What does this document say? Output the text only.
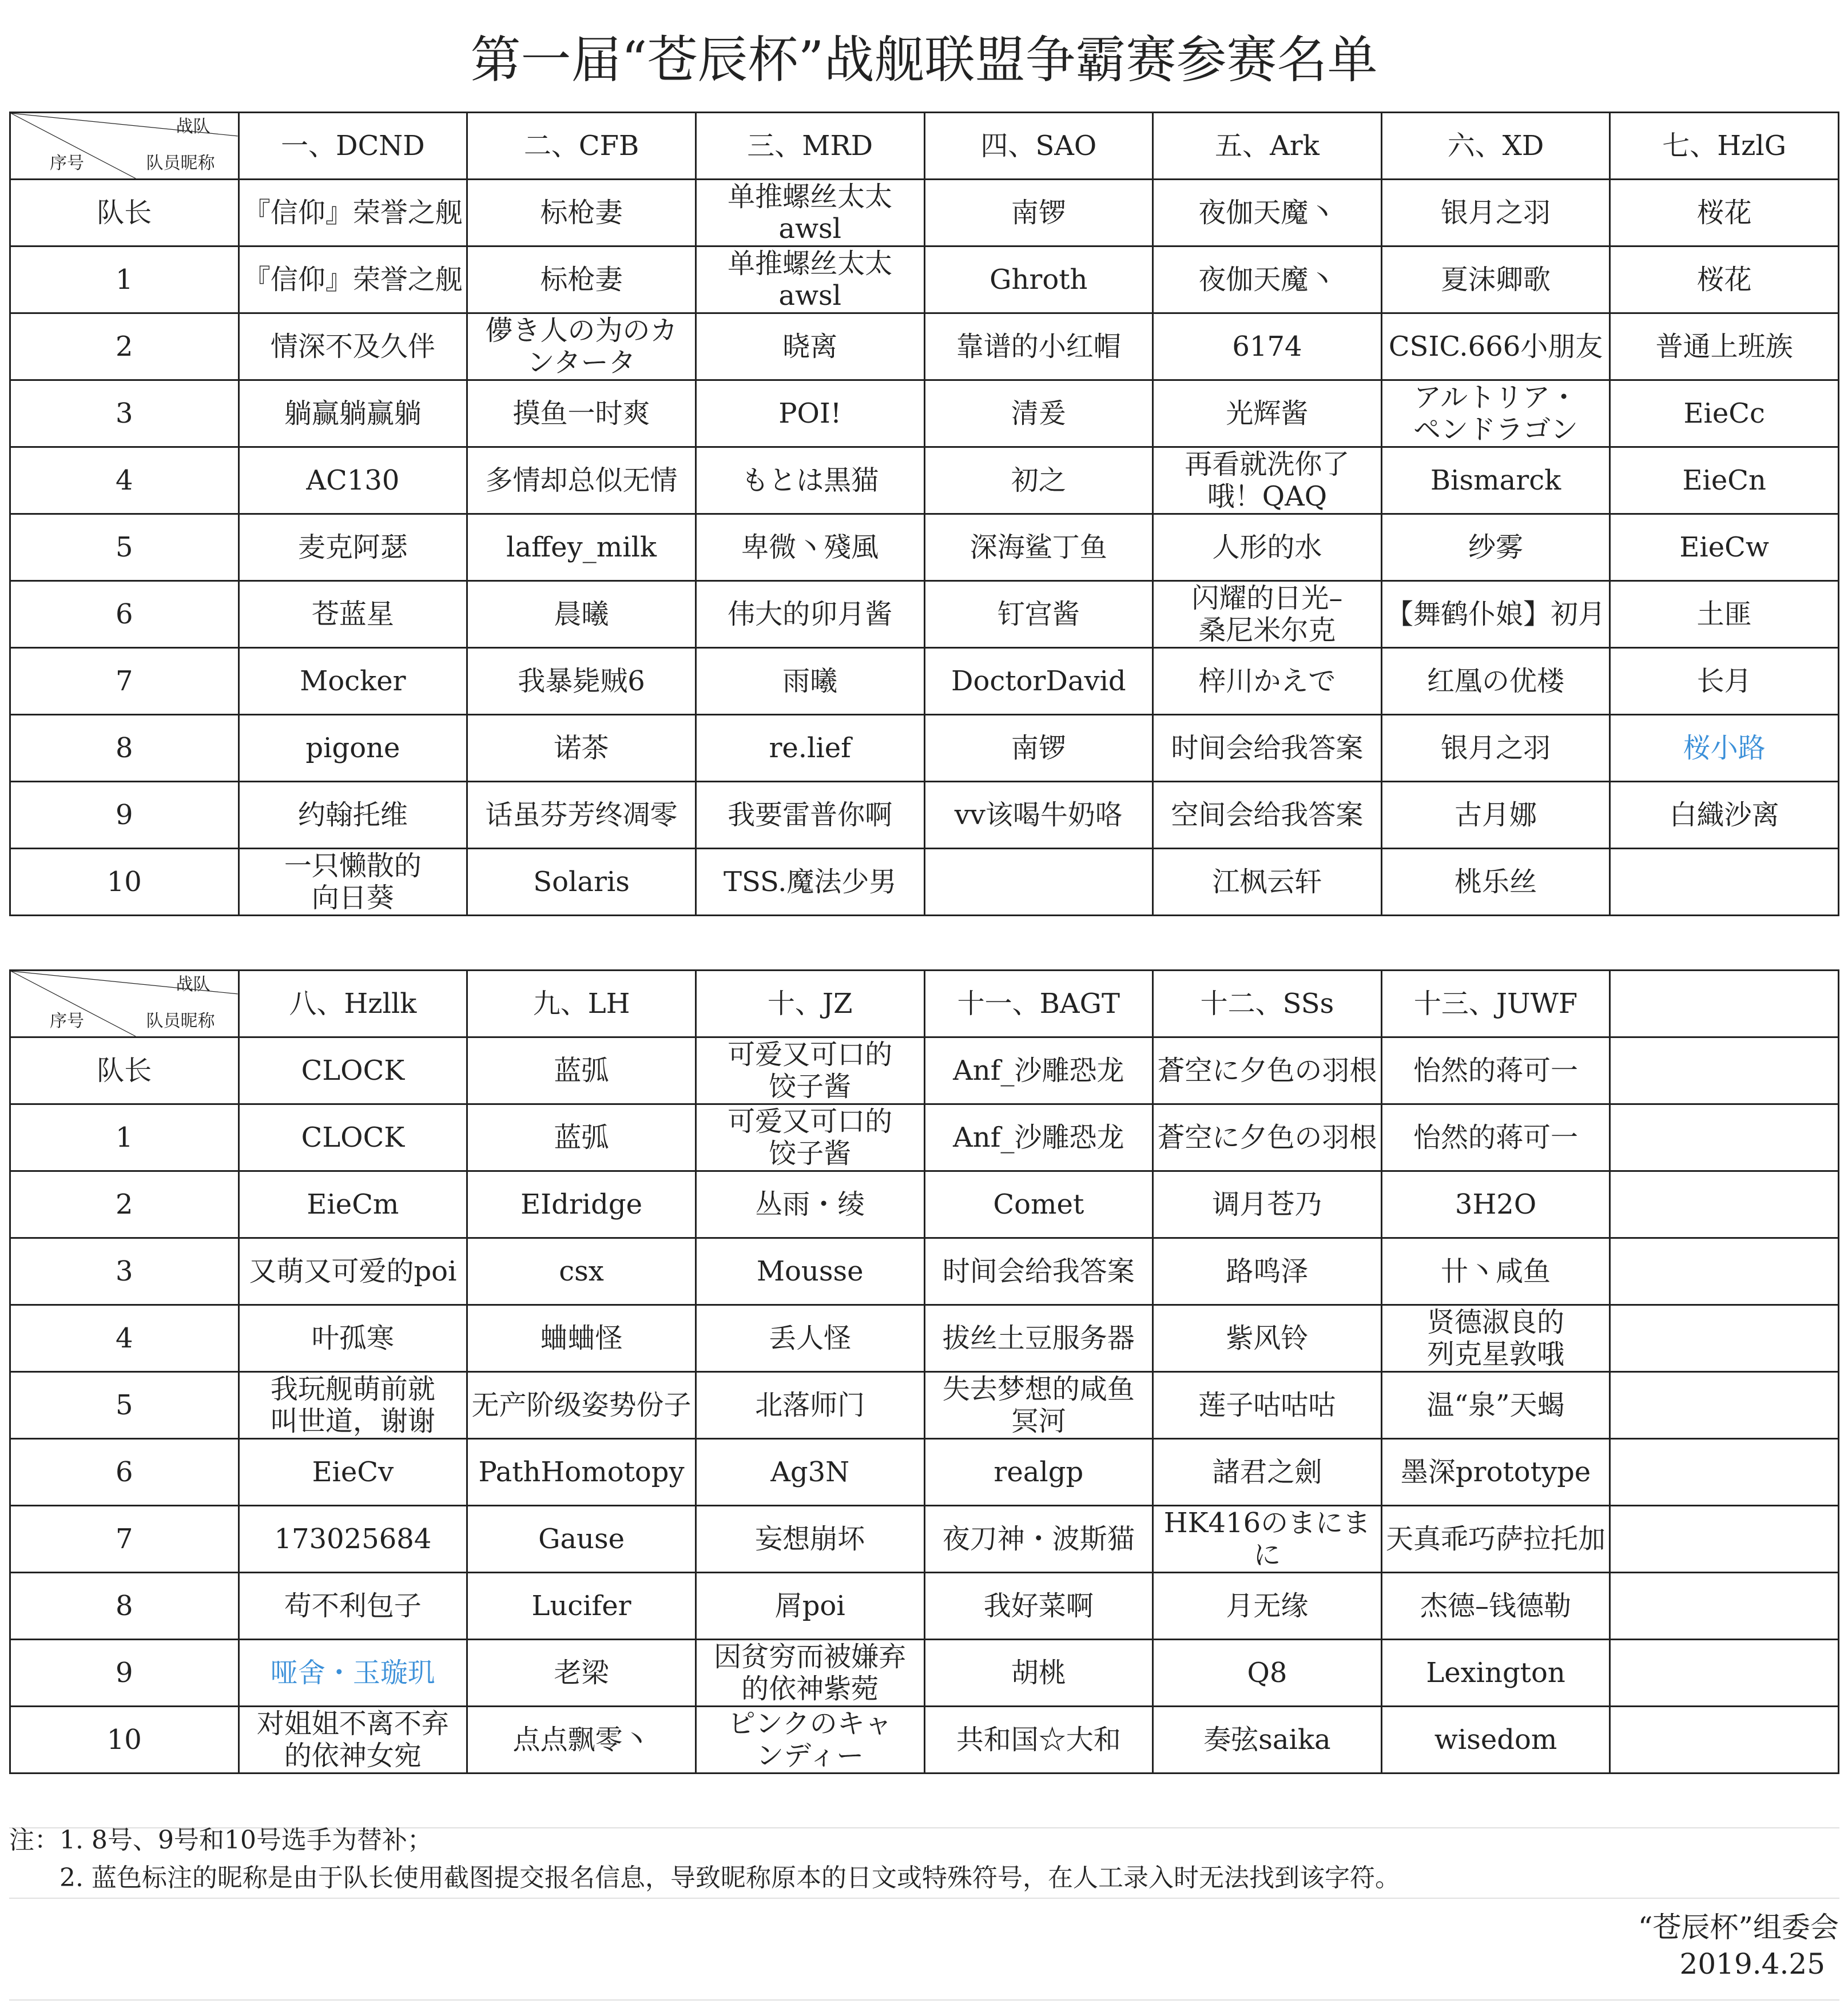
第一届“苍辰杯”战舰联盟争霸赛参赛名单
战队
队员昵称
序号	一、DCND	二、CFB	三、MRD	四、SAO	五、Ark	六、XD	七、HzlG
队长	『信仰』荣誉之舰	标枪妻	单推螺丝太太awsl	南锣	夜伽天魔丶	银月之羽	桜花
1	『信仰』荣誉之舰	标枪妻	单推螺丝太太awsl	Ghroth	夜伽天魔丶	夏沫卿歌	桜花
2	情深不及久伴	儚き人の为のカ
ンタータ	晓离	靠谱的小红帽	6174	CSIC.666小朋友	普通上班族
3	躺赢躺赢躺	摸鱼一时爽	POI!	清爰	光辉酱	アルトリア・
ペンドラゴン	EieCc
4	AC130	多情却总似无情	もとは黒猫	初之	再看就洗你了
哦！QAQ	Bismarck	EieCn
5	麦克阿瑟	laffey_milk	卑微丶殘風	深海鲨丁鱼	人形的水	纱雾	EieCw
6	苍蓝星	晨曦	伟大的卯月酱	钉宫酱	闪耀的日光–
桑尼米尔克	【舞鹤仆娘】初月	土匪
7	Mocker	我暴毙贼6	雨曦	DoctorDavid	梓川かえで	红凰の优楼	长月
8	pigone	诺茶	re.lief	南锣	时间会给我答案	银月之羽	桜小路
9	约翰托维	话虽芬芳终凋零	我要雷普你啊	vv该喝牛奶咯	空间会给我答案	古月娜	白織沙离
10	一只懒散的
向日葵	Solaris	TSS.魔法少男		江枫云轩	桃乐丝	
战队
队员昵称
序号	八、Hzllk	九、LH	十、JZ	十一、BAGT	十二、SSs	十三、JUWF	
队长	CLOCK	蓝弧	可爱又可口的
饺子酱	Anf_沙雕恐龙	蒼空に夕色の羽根	怡然的蒋可一	
1	CLOCK	蓝弧	可爱又可口的
饺子酱	Anf_沙雕恐龙	蒼空に夕色の羽根	怡然的蒋可一	
2	EieCm	EIdridge	丛雨・绫	Comet	调月苍乃	3H2O	
3	又萌又可爱的poi	csx	Mousse	时间会给我答案	路鸣泽	卄丶咸鱼	
4	叶孤寒	蛐蛐怪	丢人怪	拔丝土豆服务器	紫风铃	贤德淑良的
列克星敦哦	
5	我玩舰萌前就
叫世道，谢谢	无产阶级姿势份子	北落师门	失去梦想的咸鱼
冥河	莲子咕咕咕	温“泉”天蝎	
6	EieCv	PathHomotopy	Ag3N	realgp	諸君之劍	墨深prototype	
7	173025684	Gause	妄想崩坏	夜刀神・波斯猫	HK416のまにまに	天真乖巧萨拉托加	
8	苟不利包子	Lucifer	屑poi	我好菜啊	月无缘	杰德–钱德勒	
9	哑舍・玉璇玑	老梁	因贫穷而被嫌弃
的依神紫菀	胡桃	Q8	Lexington	
10	对姐姐不离不弃
的依神女宛	点点飘零丶	ピンクのキャ
ンディー	共和国☆大和	奏弦saika	wisedom	
注：1. 8号、9号和10号选手为替补；
2. 蓝色标注的昵称是由于队长使用截图提交报名信息，导致昵称原本的日文或特殊符号，在人工录入时无法找到该字符。
“苍辰杯”组委会
2019.4.25
